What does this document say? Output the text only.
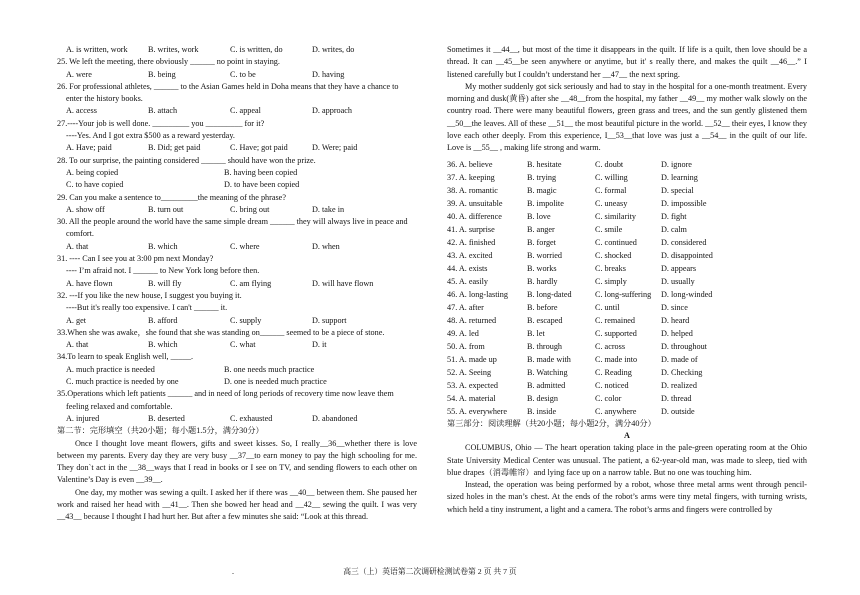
A. is written, work	B. writes, work	C. is written, do	D. writes, do
25. We left the meeting, there obviously ______ no point in staying.
A. were	B. being	C. to be	D. having
26. For professional athletes, ______ to the Asian Games held in Doha means that they have a chance to
enter the history books.
A. access	B. attach	C. appeal	D. approach
27.----Your job is well done. _________ you _________ for it?
----Yes. And I got extra $500 as a reward yesterday.
A. Have; paid	B. Did; get paid	C. Have; got paid	D. Were; paid
28. To our surprise, the painting considered ______ should have won the prize.
A. being copied	B. having been copied
C. to have copied	D. to have been copied
29. Can you make a sentence to_________the meaning of the phrase?
A. show off	B. turn out	C. bring out	D. take in
30. All the people around the world have the same simple dream ______ they will always live in peace and
comfort.
A. that	B. which	C. where	D. when
31. ---- Can I see you at 3:00 pm next Monday?
---- I’m afraid not. I ______ to New York long before then.
A. have flown	B. will fly	C. am flying	D. will have flown
32. ---If you like the new house, I suggest you buying it.
----But it's really too expensive. I can't ______ it.
A. get	B. afford	C. supply	D. support
33.When she was awake，she found that she was standing on______ seemed to be a piece of stone.
A. that	B. which	C. what	D. it
34.To learn to speak English well, _____.
A. much practice is needed	B. one needs much practice
C. much practice is needed by one	D. one is needed much practice
35.Operations which left patients ______ and in need of long periods of recovery time now leave them
feeling relaxed and comfortable.
A. injured	B. deserted	C. exhausted	D. abandoned
第二节：完形填空（共20小题；每小题1.5分，满分30分）

Once I thought love meant flowers, gifts and sweet kisses. So, I really__36__whether there is love between my parents. Every day they are very busy __37__to earn money to pay the high schooling for me. They don`t act in the __38__ways that I read in books or I see on TV, and sending flowers to each other on Valentine’s Day is even __39__.

One day, my mother was sewing a quilt. I asked her if there was __40__ between them. She paused her work and raised her head with __41__. Then she bowed her head and __42__ sewing the quilt. I was very __43__ because I thought I had hurt her. But after a few minutes she said: “Look at this thread.

Sometimes it __44__, but most of the time it disappears in the quilt. If life is a quilt, then love should be a thread. It can __45__be seen anywhere or anytime, but it' s really there, and makes the quilt __46__.” I listened carefully but I couldn’t understand her __47__ the next spring.

My mother suddenly got sick seriously and had to stay in the hospital for a one-month treatment. Every morning and dusk(黄昏) after she __48__from the hospital, my father __49__ my mother walk slowly on the country road. There were many beautiful flowers, green grass and trees, and the sun gently glistened them __50__the leaves. All of these __51__ the most beautiful picture in the world. __52__ their eyes, I know they love each other deeply. From this experience, I__53__that love was just a __54__ in the quilt of our life. Love is __55__ , making life strong and warm.

36. A. believe	B. hesitate	C. doubt	D. ignore
37. A. keeping	B. trying	C. willing	D. learning
38. A. romantic	B. magic	C. formal	D. special
39. A. unsuitable	B. impolite	C. uneasy	D. impossible
40. A. difference	B. love	C. similarity	D. fight
41. A. surprise	B. anger	C. smile	D. calm
42. A. finished	B. forget	C. continued	D. considered
43. A. excited	B. worried	C. shocked	D. disappointed
44. A. exists	B. works	C. breaks	D. appears
45. A. easily	B. hardly	C. simply	D. usually
46. A. long-lasting	B. long-dated	C. long-suffering	D. long-winded
47. A. after	B. before	C. until	D. since
48. A. returned	B. escaped	C. remained	D. heard
49. A. led	B. let	C. supported	D. helped
50. A. from	B. through	C. across	D. throughout
51. A. made up	B. made with	C. made into	D. made of
52. A. Seeing	B. Watching	C. Reading	D. Checking
53. A. expected	B. admitted	C. noticed	D. realized
54. A. material	B. design	C. color	D. thread
55. A. everywhere	B. inside	C. anywhere	D. outside
第三部分：阅读理解（共20小题；每小题2分，满分40分）
A

COLUMBUS, Ohio — The heart operation taking place in the pale-green operating room at the Ohio State University Medical Center was unusual. The patient, a 62-year-old man, was made to sleep, tied with blue drapes（消毒帷帘）and lying face up on a narrow table. But no one was touching him.

Instead, the operation was being performed by a robot, whose three metal arms went through pencil-sized holes in the man’s chest. At the ends of the robot’s arms were tiny metal fingers, with turning wrists, which held a tiny instrument, a light and a camera. The robot’s arms and fingers were controlled by

.	高三（上）英语第二次调研检测试卷第 2 页 共 7 页
